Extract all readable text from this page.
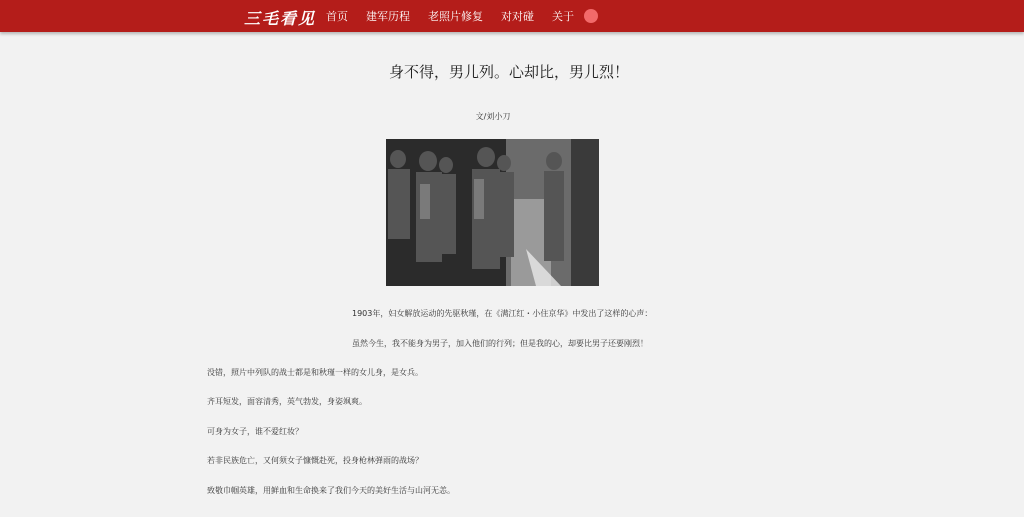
三毛看见 首页 建军历程 老照片修复 对对碰 关于
身不得，男儿列。心却比，男儿烈！
文/刘小刀
1903年，妇女解放运动的先驱秋瑾，在《满江红・小住京华》中发出了这样的心声：
虽然今生，我不能身为男子，加入他们的行列；但是我的心，却要比男子还要刚烈！
没错，照片中列队的战士都是和秋瑾一样的女儿身，是女兵。
齐耳短发，面容清秀，英气勃发，身姿飒爽。
可身为女子，谁不爱红妆？
若非民族危亡，又何须女子慷慨赴死，投身枪林弹雨的战场？
致敬巾帼英雄，用鲜血和生命换来了我们今天的美好生活与山河无恙。
